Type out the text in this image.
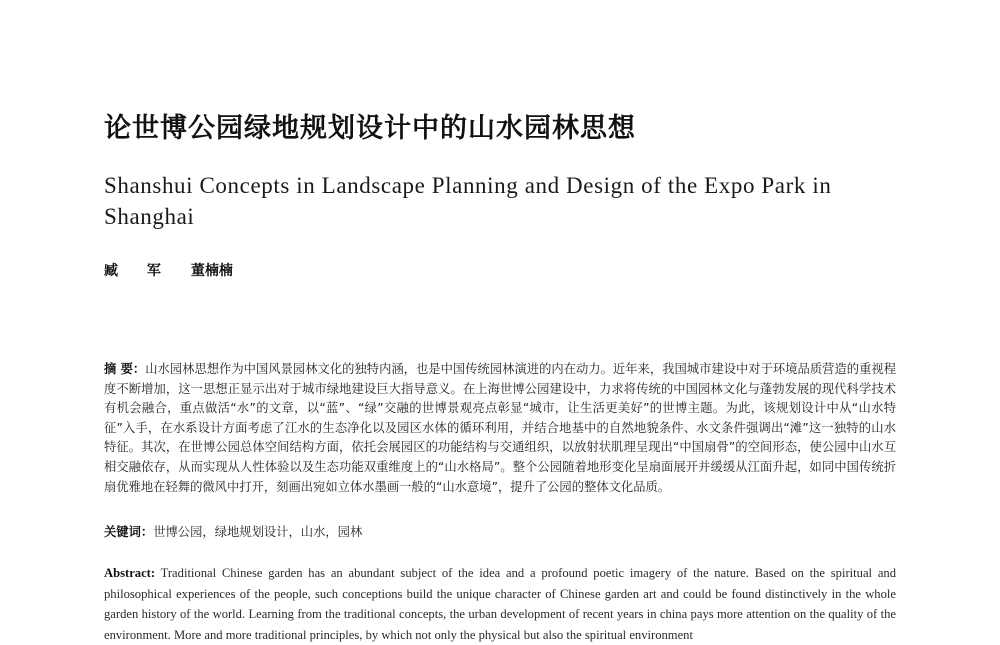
论世博公园绿地规划设计中的山水园林思想
Shanshui Concepts in Landscape Planning and Design of the Expo Park in Shanghai
臧 军 董楠楠

摘 要：山水园林思想作为中国风景园林文化的独特内涵，也是中国传统园林演进的内在动力。近年来，我国城市建设中对于环境品质营造的重视程度不断增加，这一思想正显示出对于城市绿地建设巨大指导意义。在上海世博公园建设中，力求将传统的中国园林文化与蓬勃发展的现代科学技术有机会融合，重点做活“水”的文章，以“蓝”、“绿”交融的世博景观亮点彰显“城市，让生活更美好”的世博主题。为此，该规划设计中从“山水特征”入手，在水系设计方面考虑了江水的生态净化以及园区水体的循环利用，并结合地基中的自然地貌条件、水文条件强调出“滩”这一独特的山水特征。其次，在世博公园总体空间结构方面，依托会展园区的功能结构与交通组织，以放射状肌理呈现出“中国扇骨”的空间形态，使公园中山水互相交融依存，从而实现从人性体验以及生态功能双重维度上的“山水格局”。整个公园随着地形变化呈扇面展开并缓缓从江面升起，如同中国传统折扇优雅地在轻舞的微风中打开，刻画出宛如立体水墨画一般的“山水意境”，提升了公园的整体文化品质。

关键词：世博公园，绿地规划设计，山水，园林

Abstract: Traditional Chinese garden has an abundant subject of the idea and a profound poetic imagery of the nature. Based on the spiritual and philosophical experiences of the people, such conceptions build the unique character of Chinese garden art and could be found distinctively in the whole garden history of the world. Learning from the traditional concepts, the urban development of recent years in china pays more attention on the quality of the environment. More and more traditional principles, by which not only the physical but also the spiritual environment
